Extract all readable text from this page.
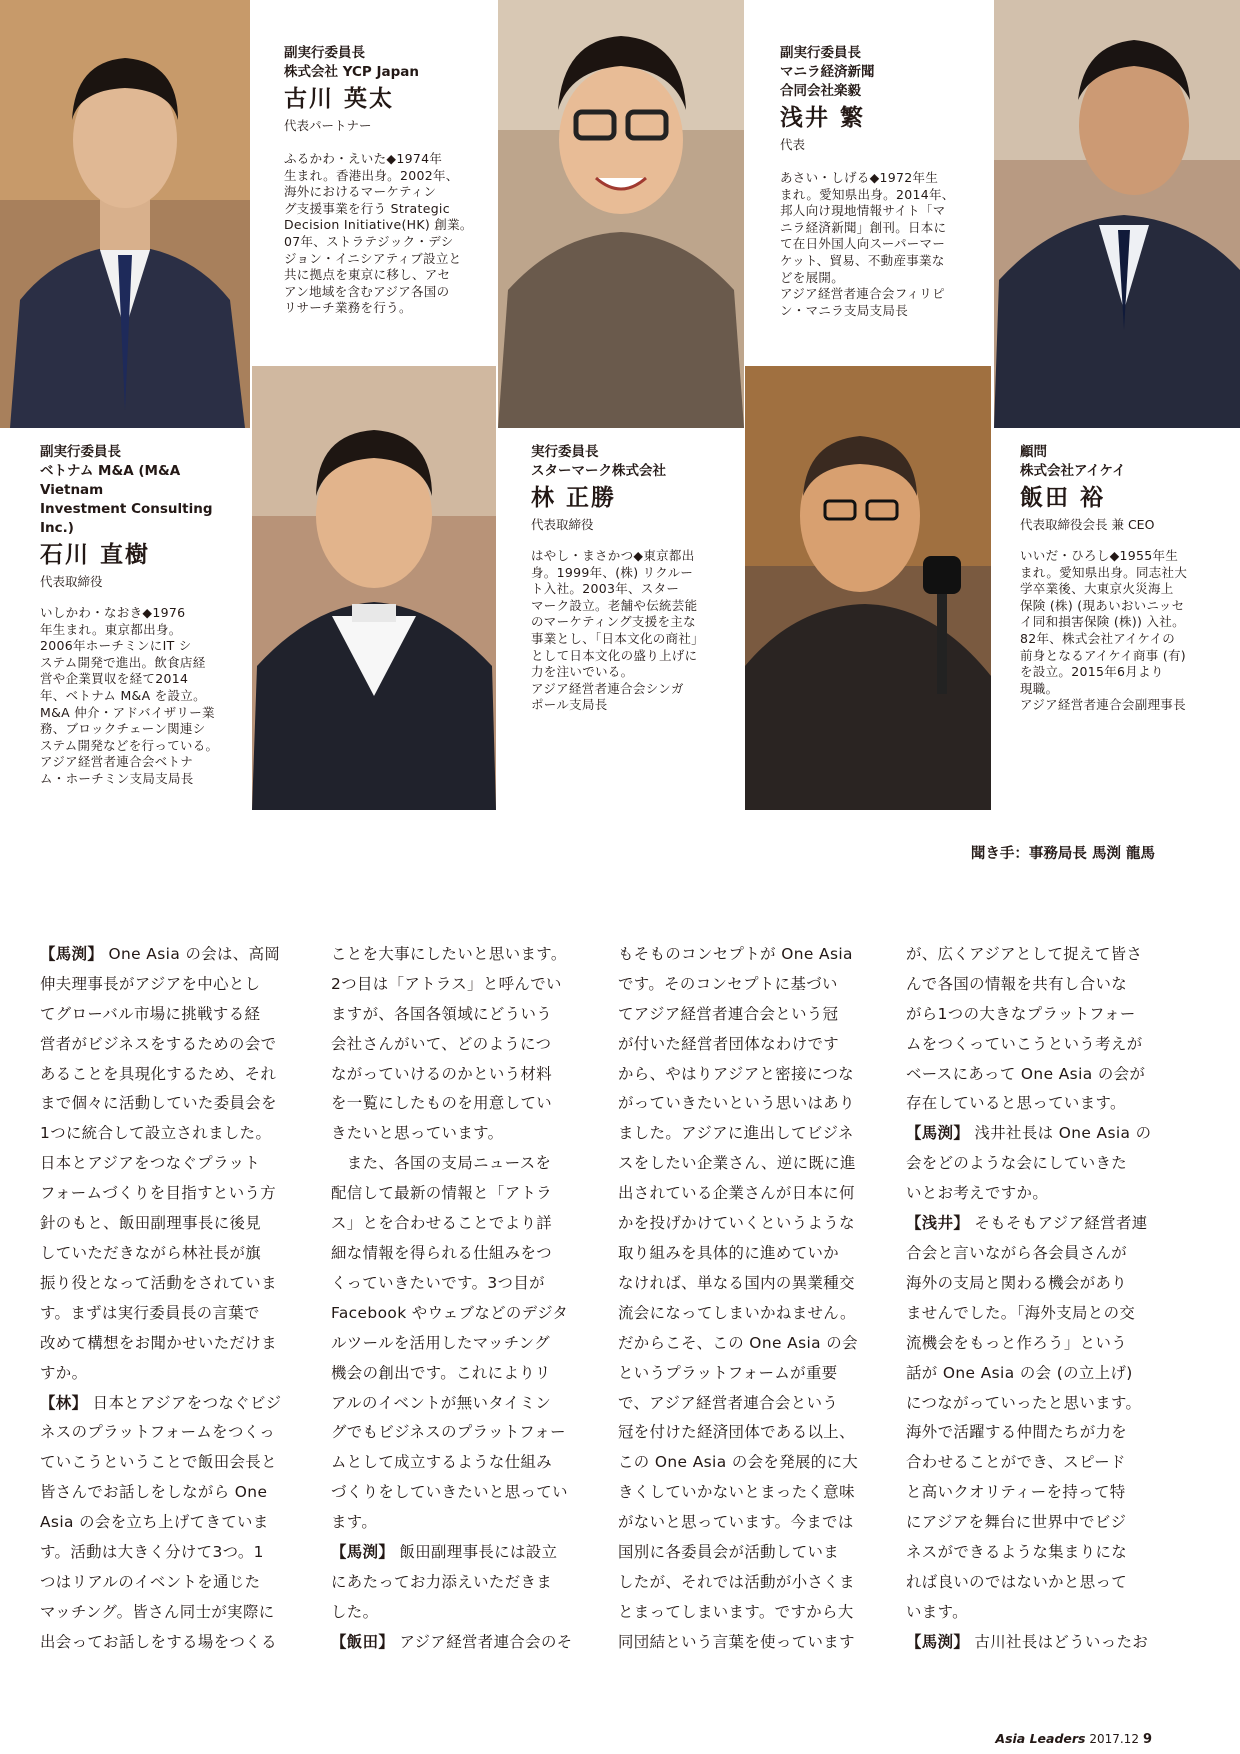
副実行委員長
ベトナム M&A (M&A Vietnam
Investment Consulting Inc.)
石川 直樹
代表取締役
いしかわ・なおき◆1976
年生まれ。東京都出身。
2006年ホーチミンにIT シ
ステム開発で進出。飲食店経
営や企業買収を経て2014
年、ベトナム M&A を設立。
M&A 仲介・アドバイザリー業
務、ブロックチェーン関連シ
ステム開発などを行っている。
アジア経営者連合会ベトナ
ム・ホーチミン支局支局長
副実行委員長
株式会社 YCP Japan
古川 英太
代表パートナー
ふるかわ・えいた◆1974年
生まれ。香港出身。2002年、
海外におけるマーケティン
グ支援事業を行う Strategic
Decision Initiative(HK) 創業。
07年、ストラテジック・デシ
ジョン・イニシアティブ設立と
共に拠点を東京に移し、アセ
アン地域を含むアジア各国の
リサーチ業務を行う。
実行委員長
スターマーク株式会社
林 正勝
代表取締役
はやし・まさかつ◆東京都出
身。1999年、(株) リクルー
ト入社。2003年、スター
マーク設立。老舗や伝統芸能
のマーケティング支援を主な
事業とし、「日本文化の商社」
として日本文化の盛り上げに
力を注いでいる。
アジア経営者連合会シンガ
ポール支局長
副実行委員長
マニラ経済新聞
合同会社楽毅
浅井 繁
代表
あさい・しげる◆1972年生
まれ。愛知県出身。2014年、
邦人向け現地情報サイト「マ
ニラ経済新聞」創刊。日本に
て在日外国人向スーパーマー
ケット、貿易、不動産事業な
どを展開。
アジア経営者連合会フィリピ
ン・マニラ支局支局長
顧問
株式会社アイケイ
飯田 裕
代表取締役会長 兼 CEO
いいだ・ひろし◆1955年生
まれ。愛知県出身。同志社大
学卒業後、大東京火災海上
保険 (株) (現あいおいニッセ
イ同和損害保険 (株)) 入社。
82年、株式会社アイケイの
前身となるアイケイ商事 (有)
を設立。2015年6月より
現職。
アジア経営者連合会副理事長
聞き手：事務局長 馬渕 龍馬

【馬渕】 One Asia の会は、高岡
伸夫理事長がアジアを中心とし
てグローバル市場に挑戦する経
営者がビジネスをするための会で
あることを具現化するため、それ
まで個々に活動していた委員会を
1つに統合して設立されました。
日本とアジアをつなぐプラット
フォームづくりを目指すという方
針のもと、飯田副理事長に後見
していただきながら林社長が旗
振り役となって活動をされていま
す。まずは実行委員長の言葉で
改めて構想をお聞かせいただけま
すか。
【林】 日本とアジアをつなぐビジ
ネスのプラットフォームをつくっ
ていこうということで飯田会長と
皆さんでお話しをしながら One
Asia の会を立ち上げてきていま
す。活動は大きく分けて3つ。1
つはリアルのイベントを通じた
マッチング。皆さん同士が実際に
出会ってお話しをする場をつくる

ことを大事にしたいと思います。
2つ目は「アトラス」と呼んでい
ますが、各国各領域にどういう
会社さんがいて、どのようにつ
ながっていけるのかという材料
を一覧にしたものを用意してい
きたいと思っています。
　また、各国の支局ニュースを
配信して最新の情報と「アトラ
ス」とを合わせることでより詳
細な情報を得られる仕組みをつ
くっていきたいです。3つ目が
Facebook やウェブなどのデジタ
ルツールを活用したマッチング
機会の創出です。これによりリ
アルのイベントが無いタイミン
グでもビジネスのプラットフォー
ムとして成立するような仕組み
づくりをしていきたいと思ってい
ます。
【馬渕】 飯田副理事長には設立
にあたってお力添えいただきま
した。
【飯田】 アジア経営者連合会のそ

もそものコンセプトが One Asia
です。そのコンセプトに基づい
てアジア経営者連合会という冠
が付いた経営者団体なわけです
から、やはりアジアと密接につな
がっていきたいという思いはあり
ました。アジアに進出してビジネ
スをしたい企業さん、逆に既に進
出されている企業さんが日本に何
かを投げかけていくというような
取り組みを具体的に進めていか
なければ、単なる国内の異業種交
流会になってしまいかねません。
だからこそ、この One Asia の会
というプラットフォームが重要
で、アジア経営者連合会という
冠を付けた経済団体である以上、
この One Asia の会を発展的に大
きくしていかないとまったく意味
がないと思っています。今までは
国別に各委員会が活動していま
したが、それでは活動が小さくま
とまってしまいます。ですから大
同団結という言葉を使っています

が、広くアジアとして捉えて皆さ
んで各国の情報を共有し合いな
がら1つの大きなプラットフォー
ムをつくっていこうという考えが
ベースにあって One Asia の会が
存在していると思っています。
【馬渕】 浅井社長は One Asia の
会をどのような会にしていきた
いとお考えですか。
【浅井】 そもそもアジア経営者連
合会と言いながら各会員さんが
海外の支局と関わる機会があり
ませんでした。「海外支局との交
流機会をもっと作ろう」という
話が One Asia の会 (の立上げ)
につながっていったと思います。
海外で活躍する仲間たちが力を
合わせることができ、スピード
と高いクオリティーを持って特
にアジアを舞台に世界中でビジ
ネスができるような集まりにな
れば良いのではないかと思って
います。
【馬渕】 古川社長はどういったお

Asia Leaders 2017.12 9
